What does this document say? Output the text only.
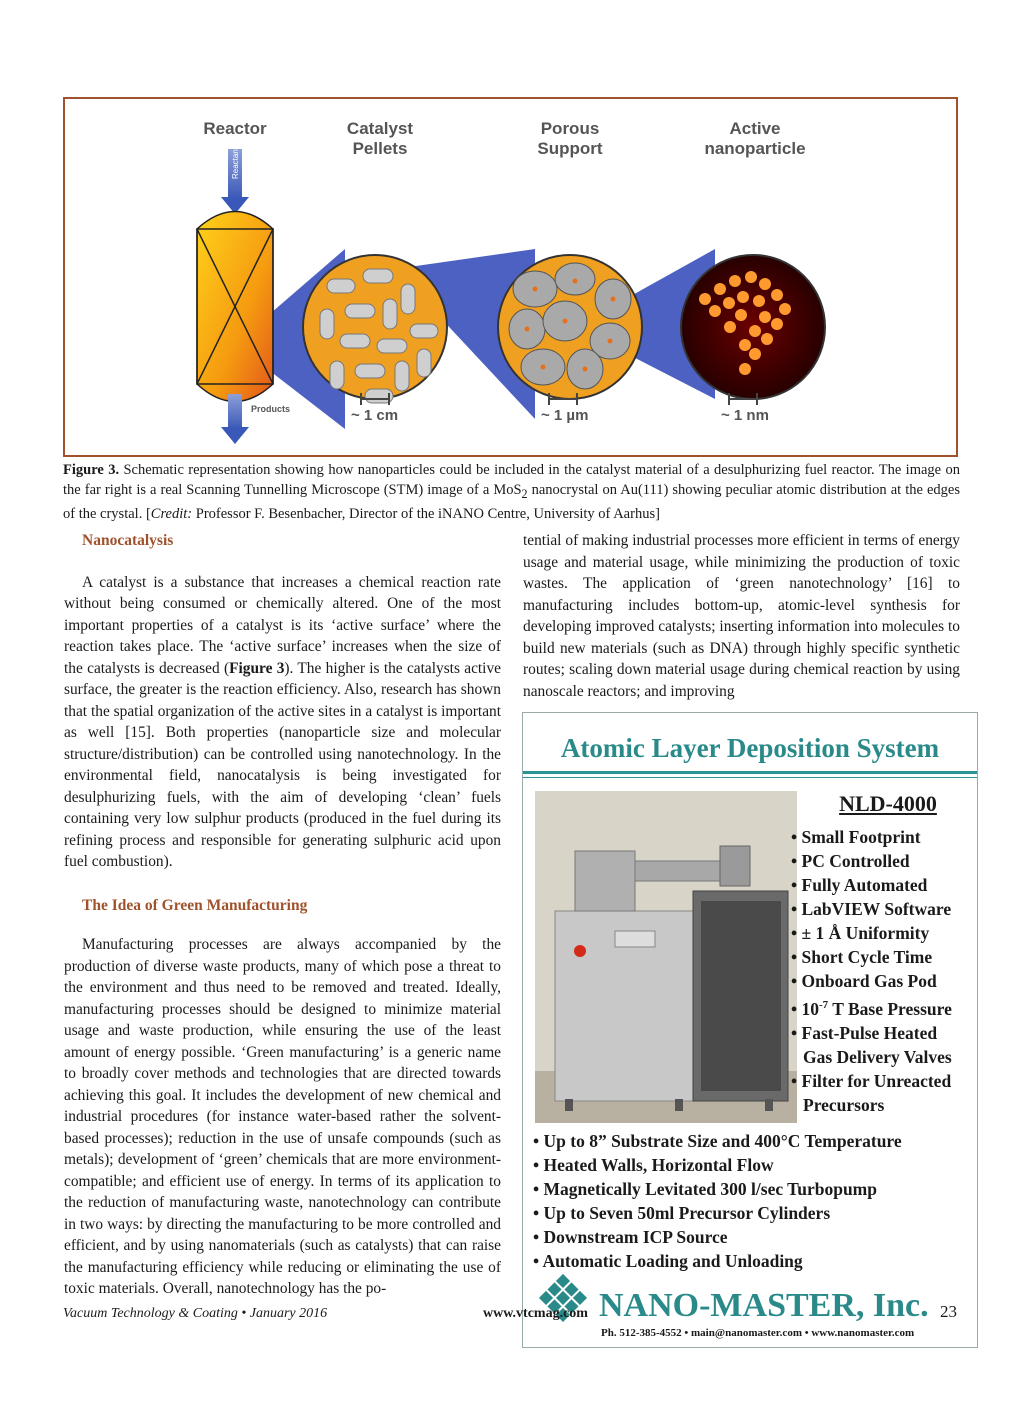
Reactants
Reactor	Catalyst Pellets
Porous Support
Active nanoparticle
Products	~ 1 cm	~ 1 µm	~ 1 nm
Figure 3. Schematic representation showing how nanoparticles could be included in the catalyst material of a desulphurizing fuel reactor. The image on the far right is a real Scanning Tunnelling Microscope (STM) image of a MoS$_2$ nanocrystal on Au(111) showing peculiar atomic distribution at the edges of the crystal. [Credit: Professor F. Besenbacher, Director of the iNANO Centre, University of Aarhus]

Nanocatalysis

A catalyst is a substance that increases a chemical reaction rate without being consumed or chemically altered. One of the most important properties of a catalyst is its ‘active surface’ where the reaction takes place. The ‘active surface’ increases when the size of the catalysts is decreased (Figure 3). The higher is the catalysts active surface, the greater is the reaction efficiency. Also, research has shown that the spatial organization of the active sites in a catalyst is important as well [15]. Both properties (nanoparticle size and molecular structure/distribution) can be controlled using nanotechnology. In the environmental field, nanocatalysis is being investigated for desulphurizing fuels, with the aim of developing ‘clean’ fuels containing very low sulphur products (produced in the fuel during its refining process and responsible for generating sulphuric acid upon fuel combustion).

The Idea of Green Manufacturing

Manufacturing processes are always accompanied by the production of diverse waste products, many of which pose a threat to the environment and thus need to be removed and treated. Ideally, manufacturing processes should be designed to minimize material usage and waste production, while ensuring the use of the least amount of energy possible. ‘Green manufacturing’ is a generic name to broadly cover methods and technologies that are directed towards achieving this goal. It includes the development of new chemical and industrial procedures (for instance water-based rather the solvent-based processes); reduction in the use of unsafe compounds (such as metals); development of ‘green’ chemicals that are more environment-compatible; and efficient use of energy. In terms of its application to the reduction of manufacturing waste, nanotechnology can contribute in two ways: by directing the manufacturing to be more controlled and efficient, and by using nanomaterials (such as catalysts) that can raise the manufacturing efficiency while reducing or eliminating the use of toxic materials. Overall, nanotechnology has the po-

tential of making industrial processes more efficient in terms of energy usage and material usage, while minimizing the production of toxic wastes. The application of ‘green nanotechnology’ [16] to manufacturing includes bottom-up, atomic-level synthesis for developing improved catalysts; inserting information into molecules to build new materials (such as DNA) through highly specific synthetic routes; scaling down material usage during chemical reaction by using nanoscale reactors; and improving

Atomic Layer Deposition System
NLD-4000
• Small Footprint
• PC Controlled
• Fully Automated
• LabVIEW Software
• ± 1 Å Uniformity
• Short Cycle Time
• Onboard Gas Pod
• $10^{-7}$ T Base Pressure
• Fast-Pulse Heated
Gas Delivery Valves
• Filter for Unreacted
Precursors
• Up to 8” Substrate Size and 400°C Temperature
• Heated Walls, Horizontal Flow
• Magnetically Levitated 300 l/sec Turbopump
• Up to Seven 50ml Precursor Cylinders
• Downstream ICP Source
• Automatic Loading and Unloading
NANO-MASTER, Inc.
Ph. 512-385-4552 • main@nanomaster.com • www.nanomaster.com
Vacuum Technology & Coating • January 2016	www.vtcmag.com	23
